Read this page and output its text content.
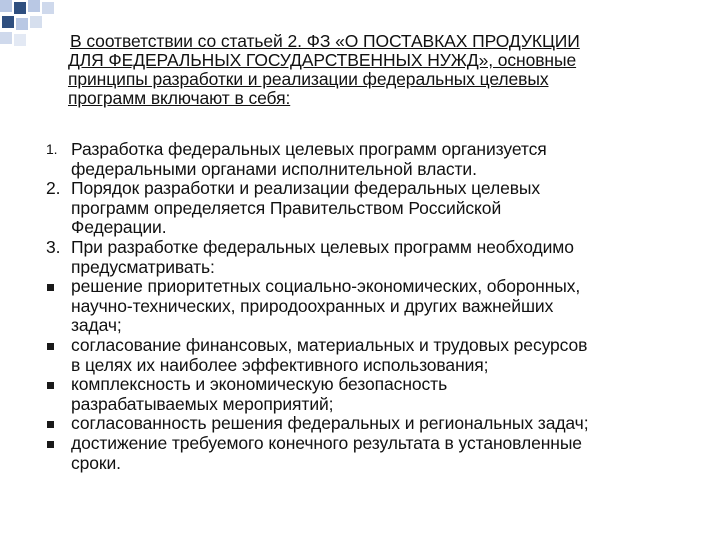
В соответствии со статьей 2. ФЗ «О ПОСТАВКАХ ПРОДУКЦИИ
ДЛЯ ФЕДЕРАЛЬНЫХ ГОСУДАРСТВЕННЫХ НУЖД», основные
принципы разработки и реализации федеральных целевых
программ включают в себя:
1. Разработка федеральных целевых программ организуется
федеральными органами исполнительной власти.
2. Порядок разработки и реализации федеральных целевых
программ определяется Правительством Российской
Федерации.
3. При разработке федеральных целевых программ необходимо
предусматривать:
решение приоритетных социально-экономических, оборонных,
научно-технических, природоохранных и других важнейших
задач;
согласование финансовых, материальных и трудовых ресурсов
в целях их наиболее эффективного использования;
комплексность и экономическую безопасность
разрабатываемых мероприятий;
согласованность решения федеральных и региональных задач;
достижение требуемого конечного результата в установленные
сроки.
